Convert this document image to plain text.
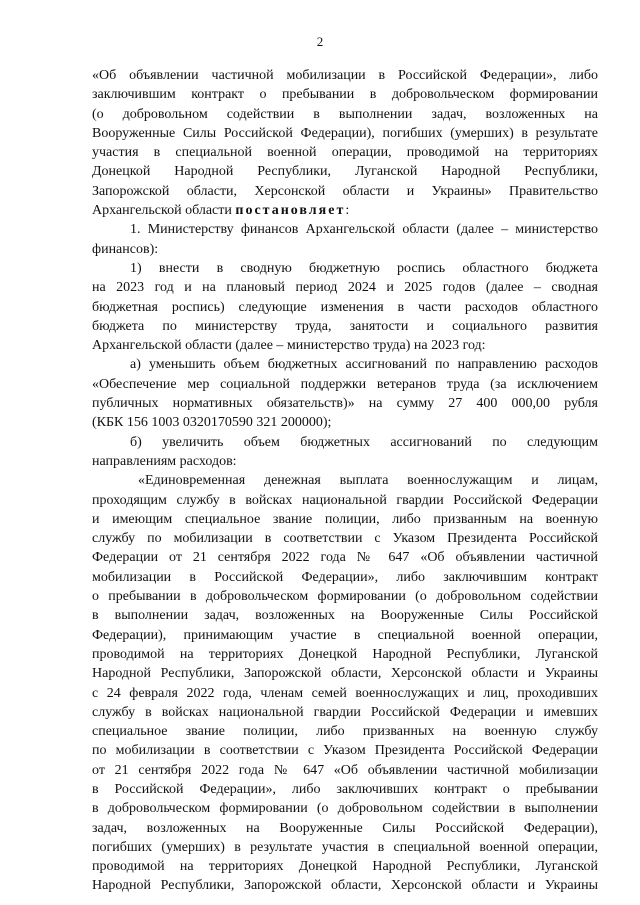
2
«Об объявлении частичной мобилизации в Российской Федерации», либо
заключившим контракт о пребывании в добровольческом формировании
(о добровольном содействии в выполнении задач, возложенных на
Вооруженные Силы Российской Федерации), погибших (умерших) в результате
участия в специальной военной операции, проводимой на территориях
Донецкой Народной Республики, Луганской Народной Республики,
Запорожской области, Херсонской области и Украины» Правительство
Архангельской области постановляет:
1. Министерству финансов Архангельской области (далее – министерство
финансов):
1) внести в сводную бюджетную роспись областного бюджета
на 2023 год и на плановый период 2024 и 2025 годов (далее – сводная
бюджетная роспись) следующие изменения в части расходов областного
бюджета по министерству труда, занятости и социального развития
Архангельской области (далее – министерство труда) на 2023 год:
а) уменьшить объем бюджетных ассигнований по направлению расходов
«Обеспечение мер социальной поддержки ветеранов труда (за исключением
публичных нормативных обязательств)» на сумму 27 400 000,00 рубля
(КБК 156 1003 0320170590 321 200000);
б) увеличить объем бюджетных ассигнований по следующим
направлениям расходов:
«Единовременная денежная выплата военнослужащим и лицам,
проходящим службу в войсках национальной гвардии Российской Федерации
и имеющим специальное звание полиции, либо призванным на военную
службу по мобилизации в соответствии с Указом Президента Российской
Федерации от 21 сентября 2022 года № 647 «Об объявлении частичной
мобилизации в Российской Федерации», либо заключившим контракт
о пребывании в добровольческом формировании (о добровольном содействии
в выполнении задач, возложенных на Вооруженные Силы Российской
Федерации), принимающим участие в специальной военной операции,
проводимой на территориях Донецкой Народной Республики, Луганской
Народной Республики, Запорожской области, Херсонской области и Украины
с 24 февраля 2022 года, членам семей военнослужащих и лиц, проходивших
службу в войсках национальной гвардии Российской Федерации и имевших
специальное звание полиции, либо призванных на военную службу
по мобилизации в соответствии с Указом Президента Российской Федерации
от 21 сентября 2022 года № 647 «Об объявлении частичной мобилизации
в Российской Федерации», либо заключивших контракт о пребывании
в добровольческом формировании (о добровольном содействии в выполнении
задач, возложенных на Вооруженные Силы Российской Федерации),
погибших (умерших) в результате участия в специальной военной операции,
проводимой на территориях Донецкой Народной Республики, Луганской
Народной Республики, Запорожской области, Херсонской области и Украины
